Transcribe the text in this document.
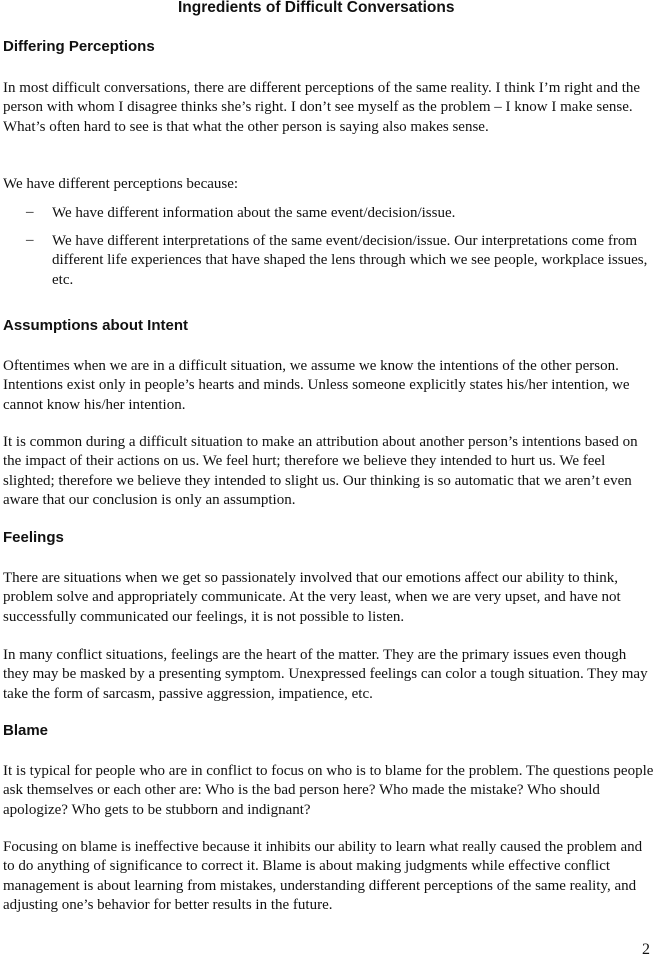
Ingredients of Difficult Conversations
Differing Perceptions

In most difficult conversations, there are different perceptions of the same reality. I think I’m right and the person with whom I disagree thinks she’s right. I don’t see myself as the problem – I know I make sense. What’s often hard to see is that what the other person is saying also makes sense.

We have different perceptions because:

– We have different information about the same event/decision/issue.

– We have different interpretations of the same event/decision/issue. Our interpretations come from different life experiences that have shaped the lens through which we see people, workplace issues, etc.

Assumptions about Intent

Oftentimes when we are in a difficult situation, we assume we know the intentions of the other person. Intentions exist only in people’s hearts and minds. Unless someone explicitly states his/her intention, we cannot know his/her intention.

It is common during a difficult situation to make an attribution about another person’s intentions based on the impact of their actions on us. We feel hurt; therefore we believe they intended to hurt us. We feel slighted; therefore we believe they intended to slight us. Our thinking is so automatic that we aren’t even aware that our conclusion is only an assumption.

Feelings

There are situations when we get so passionately involved that our emotions affect our ability to think, problem solve and appropriately communicate. At the very least, when we are very upset, and have not successfully communicated our feelings, it is not possible to listen.

In many conflict situations, feelings are the heart of the matter. They are the primary issues even though they may be masked by a presenting symptom. Unexpressed feelings can color a tough situation. They may take the form of sarcasm, passive aggression, impatience, etc.

Blame

It is typical for people who are in conflict to focus on who is to blame for the problem. The questions people ask themselves or each other are: Who is the bad person here? Who made the mistake? Who should apologize? Who gets to be stubborn and indignant?

Focusing on blame is ineffective because it inhibits our ability to learn what really caused the problem and to do anything of significance to correct it. Blame is about making judgments while effective conflict management is about learning from mistakes, understanding different perceptions of the same reality, and adjusting one’s behavior for better results in the future.

2
